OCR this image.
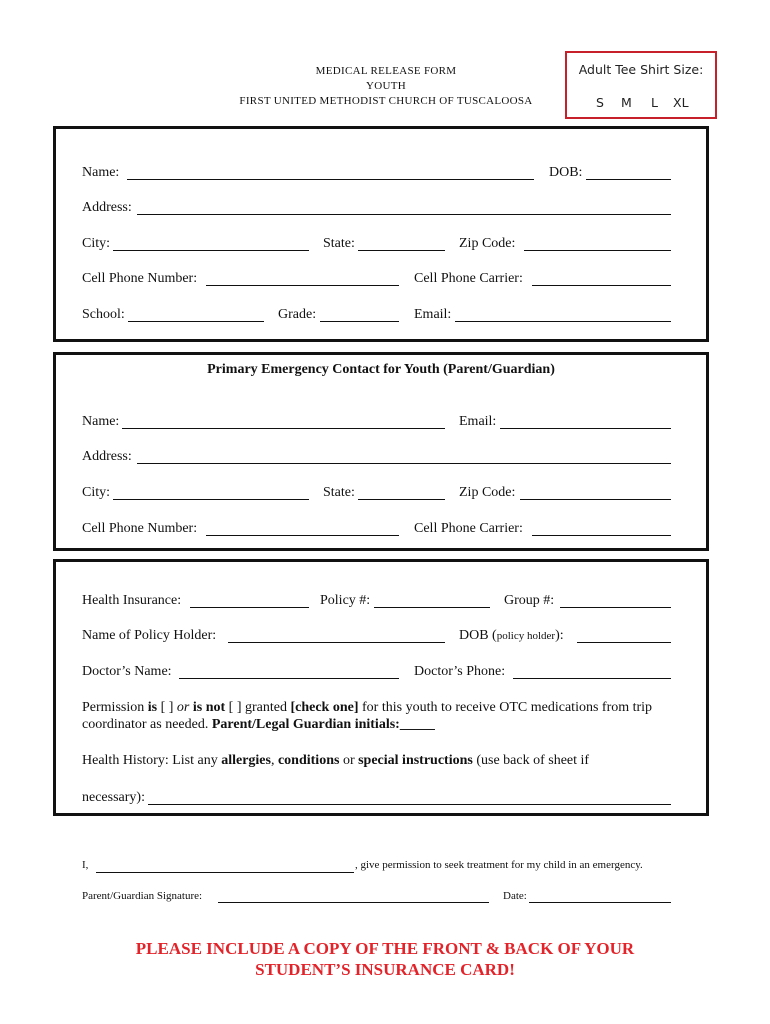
MEDICAL RELEASE FORM
YOUTH
FIRST UNITED METHODIST CHURCH OF TUSCALOOSA
Adult Tee Shirt Size:
S M L XL
Name:	DOB:
Address:
City:	State:	Zip Code:
Cell Phone Number:	Cell Phone Carrier:
School:	Grade:	Email:
Primary Emergency Contact for Youth (Parent/Guardian)
Name:	Email:
Address:
City:	State:	Zip Code:
Cell Phone Number:	Cell Phone Carrier:
Health Insurance:	Policy #:	Group #:
Name of Policy Holder:	DOB (policy holder):
Doctor’s Name:	Doctor’s Phone:
Permission is [ ] or is not [ ] granted [check one] for this youth to receive OTC medications from trip coordinator as needed. Parent/Legal Guardian initials:_____
Health History: List any allergies, conditions or special instructions (use back of sheet if
necessary):
I,	, give permission to seek treatment for my child in an emergency.
Parent/Guardian Signature:	Date:
PLEASE INCLUDE A COPY OF THE FRONT & BACK OF YOUR
STUDENT’S INSURANCE CARD!
